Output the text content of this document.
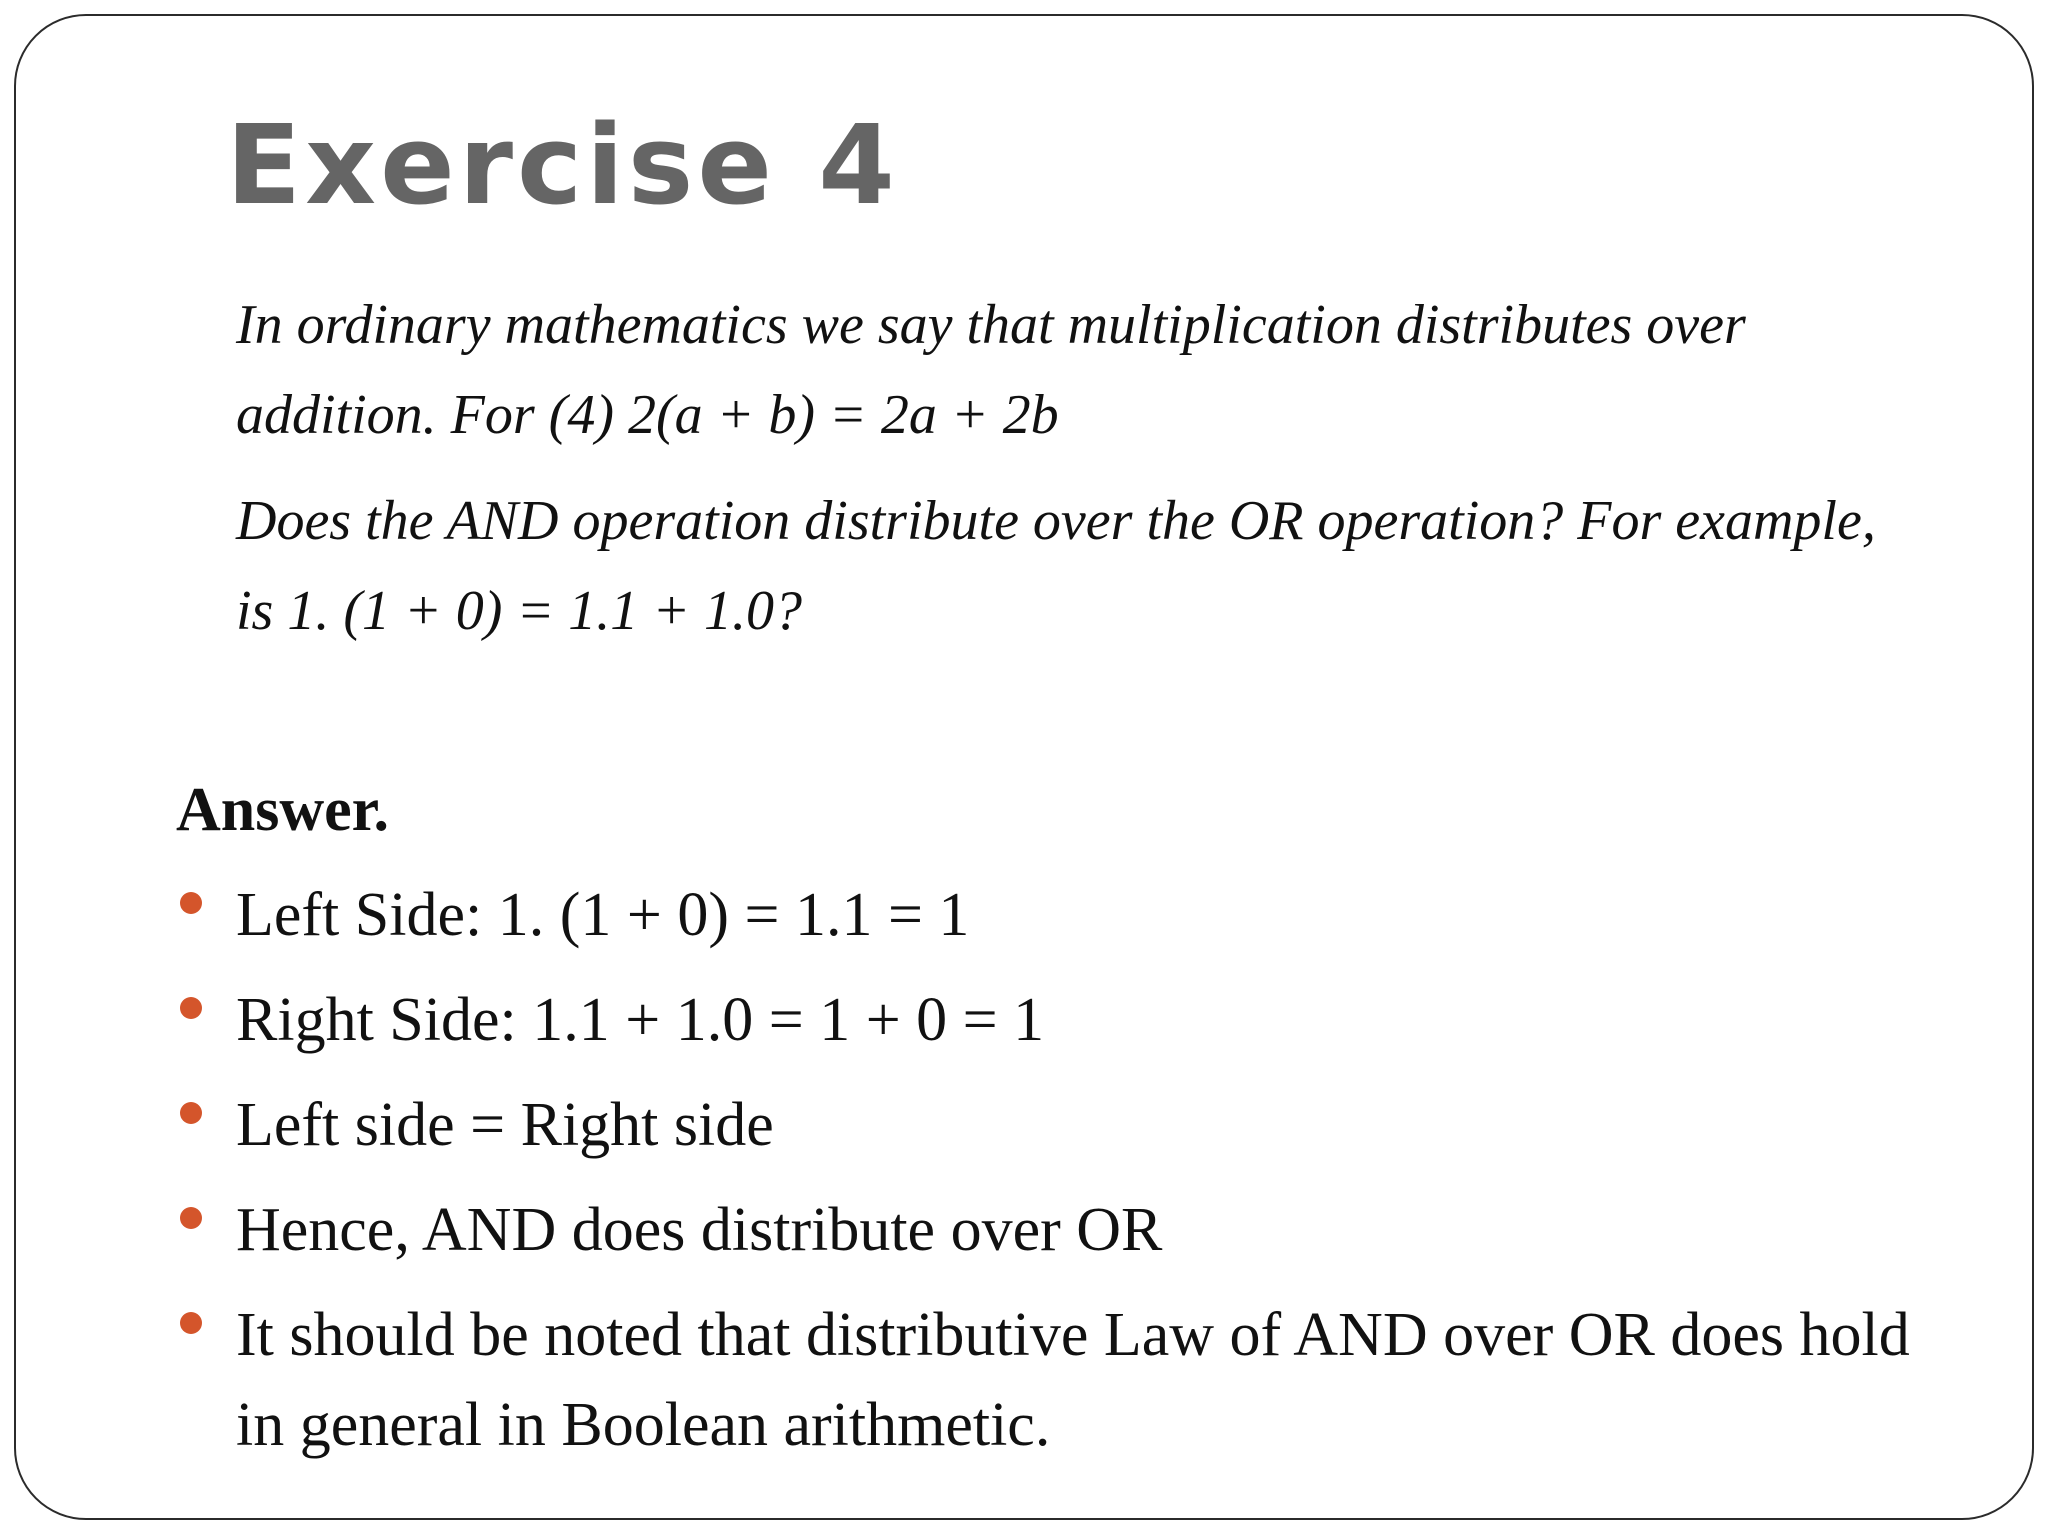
Exercise 4

In ordinary mathematics we say that multiplication distributes over addition. For (4) 2(a + b) = 2a + 2b

Does the AND operation distribute over the OR operation? For example, is 1. (1 + 0) = 1.1 + 1.0?

Answer.
Left Side: 1. (1 + 0) = 1.1 = 1
Right Side: 1.1 + 1.0 = 1 + 0 = 1
Left side = Right side
Hence, AND does distribute over OR
It should be noted that distributive Law of AND over OR does hold in general in Boolean arithmetic.
